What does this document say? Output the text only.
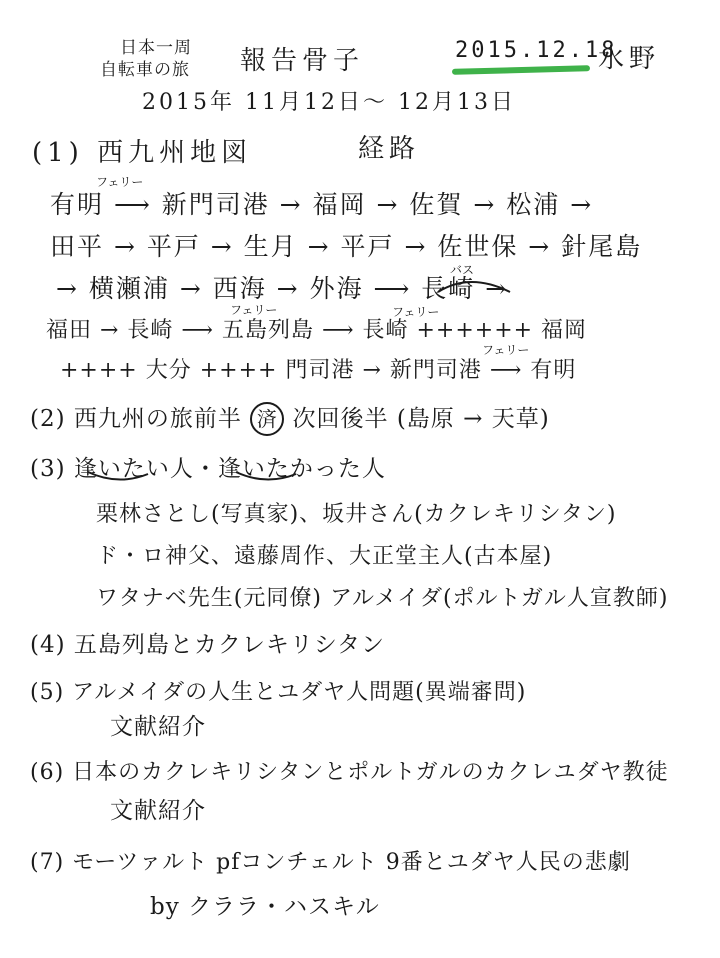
日本一周
自転車の旅 報告骨子	2015.12.18
水野
2015年 11月12日〜 12月13日
(1) 西九州地図	経路
フェリー
有明 ⟶ 新門司港 → 福岡 → 佐賀 → 松浦 →
田平 → 平戸 → 生月 → 平戸 → 佐世保 → 針尾島
バス
→ 横瀬浦 → 西海 → 外海 ⟶ 長崎 →
フェリー	フェリー
福田 → 長崎 ⟶ 五島列島 ⟶ 長崎 ++++++ 福岡
フェリー
++++ 大分 ++++ 門司港 → 新門司港 ⟶ 有明
(2) 西九州の旅前半 済 次回後半 (島原 → 天草)
(3) 逢いたい人・逢いたかった人
栗林さとし(写真家)、坂井さん(カクレキリシタン)
ド・ロ神父、遠藤周作、大正堂主人(古本屋)
ワタナベ先生(元同僚) アルメイダ(ポルトガル人宣教師)
(4) 五島列島とカクレキリシタン
(5) アルメイダの人生とユダヤ人問題(異端審問)
文献紹介
(6) 日本のカクレキリシタンとポルトガルのカクレユダヤ教徒
文献紹介
(7) モーツァルト pfコンチェルト 9番とユダヤ人民の悲劇
by クララ・ハスキル
